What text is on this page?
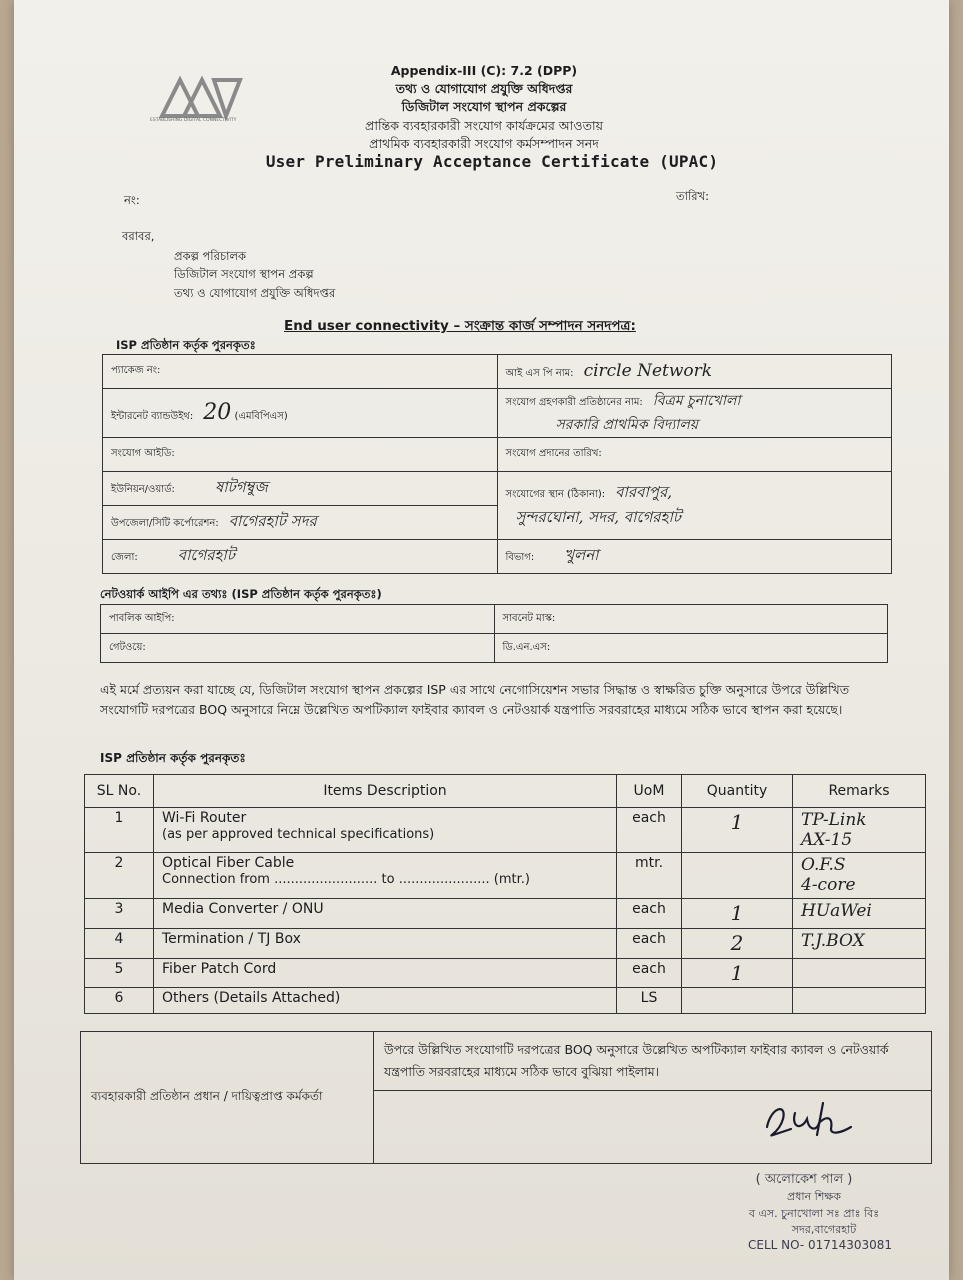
ESTABLISHING DIGITAL CONNECTIVITY
Appendix-III (C): 7.2 (DPP)
তথ্য ও যোগাযোগ প্রযুক্তি অধিদপ্তর
ডিজিটাল সংযোগ স্থাপন প্রকল্পের
প্রান্তিক ব্যবহারকারী সংযোগ কার্যক্রমের আওতায়
প্রাথমিক ব্যবহারকারী সংযোগ কর্মসম্পাদন সনদ
User Preliminary Acceptance Certificate (UPAC)
নং:	তারিখ:
বরাবর,
প্রকল্প পরিচালক
ডিজিটাল সংযোগ স্থাপন প্রকল্প
তথ্য ও যোগাযোগ প্রযুক্তি অধিদপ্তর
End user connectivity – সংক্রান্ত কার্জ সম্পাদন সনদপত্র:
ISP প্রতিষ্ঠান কর্তৃক পুরনকৃতঃ
প্যাকেজ নং:	আই এস পি নাম: circle Network
ইন্টারনেট ব্যান্ডউইথ: 20 (এমবিপিএস)	সংযোগ গ্রহণকারী প্রতিষ্ঠানের নাম: বিত্রম চুনাখোলা
সরকারি প্রাথমিক বিদ্যালয়
সংযোগ আইডি:	সংযোগ প্রদানের তারিখ:
ইউনিয়ন/ওয়ার্ড: ষাটগম্বুজ	সংযোগের স্থান (ঠিকানা): বারবাপুর,
সুন্দরঘোনা, সদর, বাগেরহাট
উপজেলা/সিটি কর্পোরেশন: বাগেরহাট সদর	
জেলা: বাগেরহাট	বিভাগ: খুলনা
নেটওয়ার্ক আইপি এর তথ্যঃ (ISP প্রতিষ্ঠান কর্তৃক পুরনকৃতঃ)
পাবলিক আইপি:	সাবনেট মাস্ক:
গেটওয়ে:	ডি.এন.এস:
এই মর্মে প্রত্যয়ন করা যাচ্ছে যে, ডিজিটাল সংযোগ স্থাপন প্রকল্পের ISP এর সাথে নেগোসিয়েশন সভার সিদ্ধান্ত ও স্বাক্ষরিত চুক্তি অনুসারে উপরে উল্লিখিত সংযোগটি দরপত্রের BOQ অনুসারে নিম্নে উল্লেখিত অপটিক্যাল ফাইবার ক্যাবল ও নেটওয়ার্ক যন্ত্রপাতি সরবরাহের মাধ্যমে সঠিক ভাবে স্থাপন করা হয়েছে।
ISP প্রতিষ্ঠান কর্তৃক পুরনকৃতঃ
SL No.	Items Description	UoM	Quantity	Remarks
1	Wi-Fi Router
(as per approved technical specifications)	each	1	TP-Link
AX-15
2	Optical Fiber Cable
Connection from ......................... to ...................... (mtr.)	mtr.		O.F.S
4-core
3	Media Converter / ONU	each	1	HUaWei
4	Termination / TJ Box	each	2	T.J.BOX
5	Fiber Patch Cord	each	1	
6	Others (Details Attached)	LS		
ব্যবহারকারী প্রতিষ্ঠান প্রধান / দায়িত্বপ্রাপ্ত কর্মকর্তা	উপরে উল্লিখিত সংযোগটি দরপত্রের BOQ অনুসারে উল্লেখিত অপটিক্যাল ফাইবার ক্যাবল ও নেটওয়ার্ক যন্ত্রপাতি সরবরাহের মাধ্যমে সঠিক ভাবে বুঝিয়া পাইলাম।

( অলোকেশ পাল )
প্রধান শিক্ষক
ব এস. চুনাখোলা সঃ প্রাঃ বিঃ
সদর,বাগেরহাট
CELL NO- 01714303081
